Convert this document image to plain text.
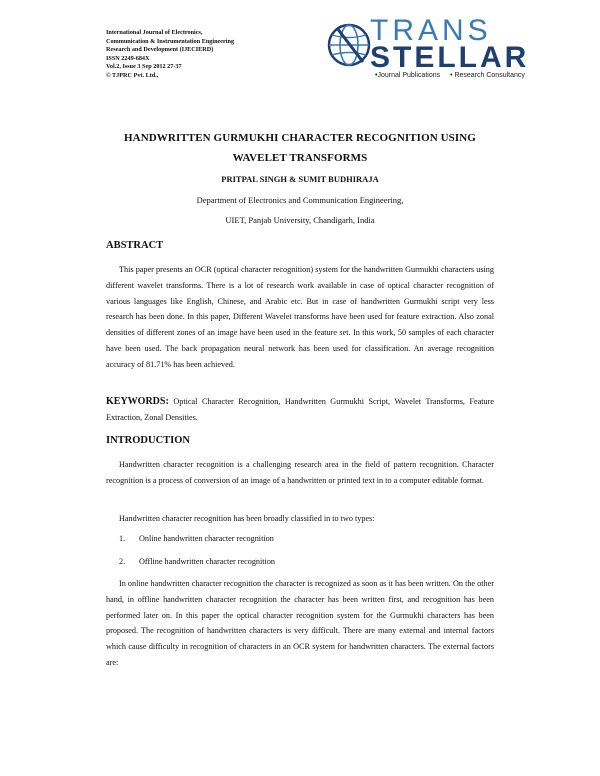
International Journal of Electronics,
Communication & Instrumentation Engineering
Research and Development (IJECIERD)
ISSN 2249-684X
Vol.2, Issue 3 Sep 2012 27-37
© TJPRC Pvt. Ltd.,
TRANS
STELLAR
•Journal Publications • Research Consultancy
HANDWRITTEN GURMUKHI CHARACTER RECOGNITION USING
WAVELET TRANSFORMS
PRITPAL SINGH & SUMIT BUDHIRAJA
Department of Electronics and Communication Engineering,
UIET, Panjab University, Chandigarh, India
ABSTRACT

This paper presents an OCR (optical character recognition) system for the handwritten Gurmukhi characters using different wavelet transforms. There is a lot of research work available in case of optical character recognition of various languages like English, Chinese, and Arabic etc. But in case of handwritten Gurmukhi script very less research has been done. In this paper, Different Wavelet transforms have been used for feature extraction. Also zonal densities of different zones of an image have been used in the feature set. In this work, 50 samples of each character have been used. The back propagation neural network has been used for classification. An average recognition accuracy of 81.71% has been achieved.

KEYWORDS: Optical Character Recognition, Handwritten Gurmukhi Script, Wavelet Transforms, Feature Extraction, Zonal Densities.

INTRODUCTION

Handwritten character recognition is a challenging research area in the field of pattern recognition. Character recognition is a process of conversion of an image of a handwritten or printed text in to a computer editable format.

Handwritten character recognition has been broadly classified in to two types:

1. Online handwritten character recognition
2. Offline handwritten character recognition

In online handwritten character recognition the character is recognized as soon as it has been written. On the other hand, in offline handwritten character recognition the character has been written first, and recognition has been performed later on. In this paper the optical character recognition system for the Gurmukhi characters has been proposed. The recognition of handwritten characters is very difficult. There are many external and internal factors which cause difficulty in recognition of characters in an OCR system for handwritten characters. The external factors are:
